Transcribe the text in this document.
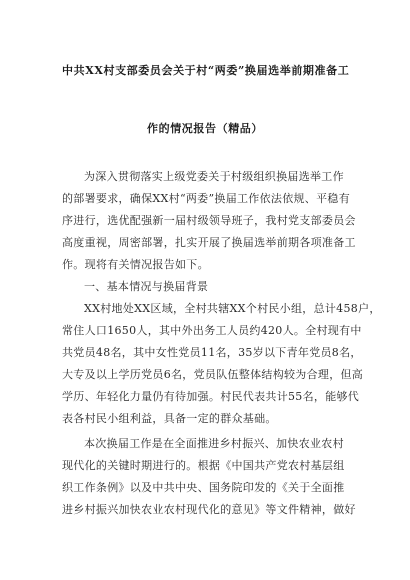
中共XX村支部委员会关于村“两委”换届选举前期准备工
作的情况报告（精品）

为深入贯彻落实上级党委关于村级组织换届选举工作
的部署要求，确保XX村“两委”换届工作依法依规、平稳有
序进行，选优配强新一届村级领导班子，我村党支部委员会
高度重视，周密部署，扎实开展了换届选举前期各项准备工
作。现将有关情况报告如下。

一、基本情况与换届背景

XX村地处XX区域，全村共辖XX个村民小组，总计458户，
常住人口1650人，其中外出务工人员约420人。全村现有中
共党员48名，其中女性党员11名，35岁以下青年党员8名，
大专及以上学历党员6名，党员队伍整体结构较为合理，但高
学历、年轻化力量仍有待加强。村民代表共计55名，能够代
表各村民小组利益，具备一定的群众基础。

本次换届工作是在全面推进乡村振兴、加快农业农村
现代化的关键时期进行的。根据《中国共产党农村基层组
织工作条例》以及中共中央、国务院印发的《关于全面推
进乡村振兴加快农业农村现代化的意见》等文件精神，做好
